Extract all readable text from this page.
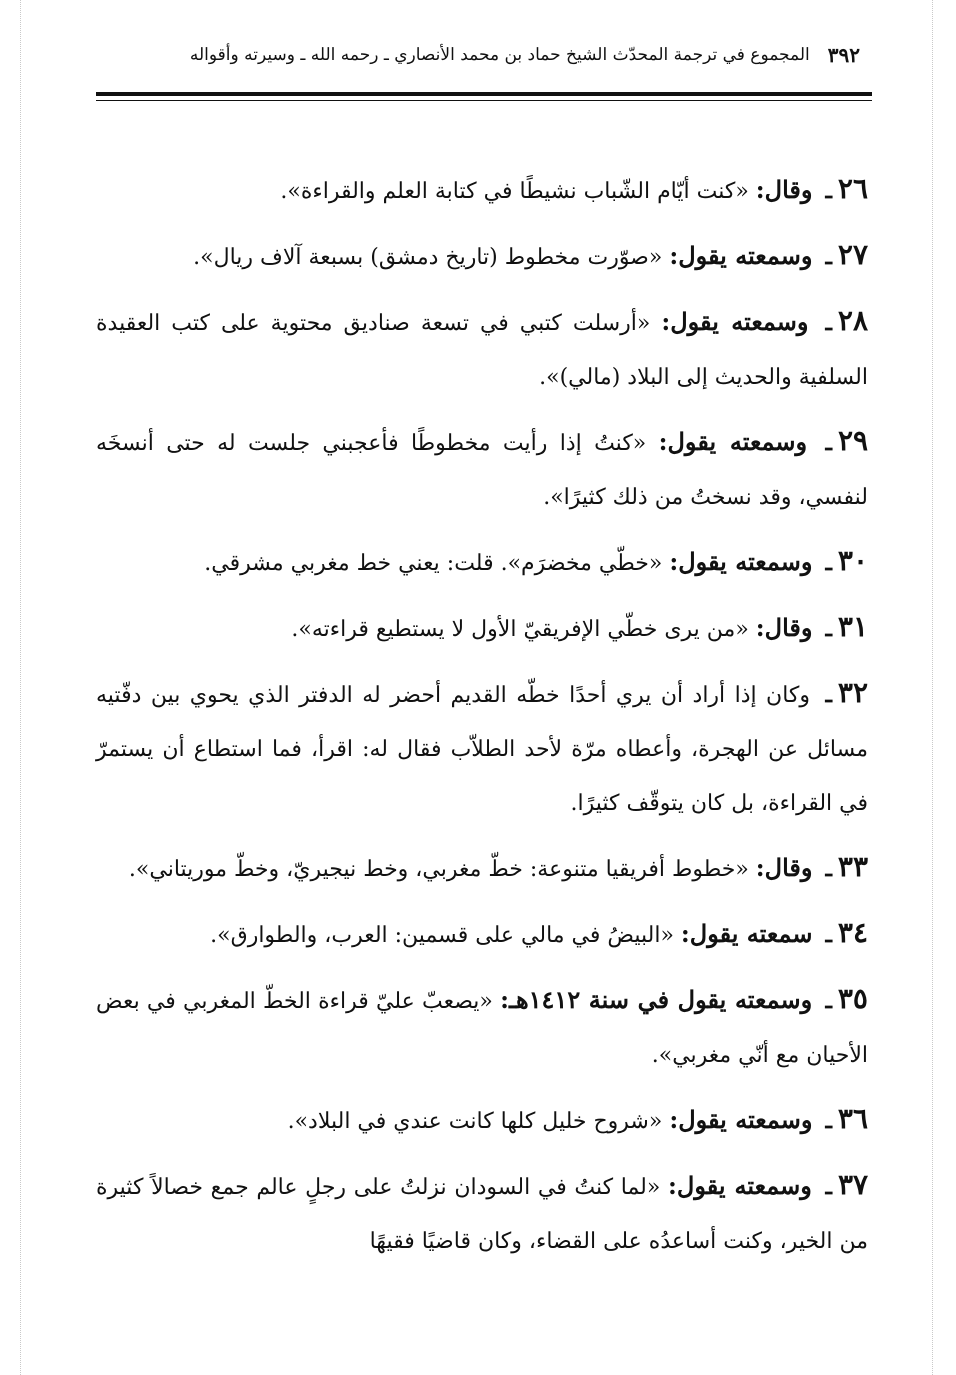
٣٩٢
المجموع في ترجمة المحدّث الشيخ حماد بن محمد الأنصاري ـ رحمه الله ـ وسيرته وأقواله

٢٦ـ وقال: «كنت أيّام الشّباب نشيطًا في كتابة العلم والقراءة».

٢٧ـ وسمعته يقول: «صوّرت مخطوط (تاريخ دمشق) بسبعة آلاف ريال».

٢٨ـ وسمعته يقول: «أرسلت كتبي في تسعة صناديق محتوية على كتب العقيدة السلفية والحديث إلى البلاد (مالي)».

٢٩ـ وسمعته يقول: «كنتُ إذا رأيت مخطوطًا فأعجبني جلست له حتى أنسخَه لنفسي، وقد نسختُ من ذلك كثيرًا».

٣٠ـ وسمعته يقول: «خطّي مخضرَم». قلت: يعني خط مغربي مشرقي.

٣١ـ وقال: «من يرى خطّي الإفريقيّ الأول لا يستطيع قراءته».

٣٢ـ وكان إذا أراد أن يري أحدًا خطّه القديم أحضر له الدفتر الذي يحوي بين دفّتيه مسائل عن الهجرة، وأعطاه مرّة لأحد الطلاّب فقال له: اقرأ، فما استطاع أن يستمرّ في القراءة، بل كان يتوقّف كثيرًا.

٣٣ـ وقال: «خطوط أفريقيا متنوعة: خطّ مغربي، وخط نيجيريّ، وخطّ موريتاني».

٣٤ـ سمعته يقول: «البيضُ في مالي على قسمين: العرب، والطوارق».

٣٥ـ وسمعته يقول في سنة ١٤١٢هـ: «يصعبّ عليّ قراءة الخطّ المغربي في بعض الأحيان مع أنّي مغربي».

٣٦ـ وسمعته يقول: «شروح خليل كلها كانت عندي في البلاد».

٣٧ـ وسمعته يقول: «لما كنتُ في السودان نزلتُ على رجلٍ عالم جمع خصالاً كثيرة من الخير، وكنت أساعدُه على القضاء، وكان قاضيًا فقيهًا
